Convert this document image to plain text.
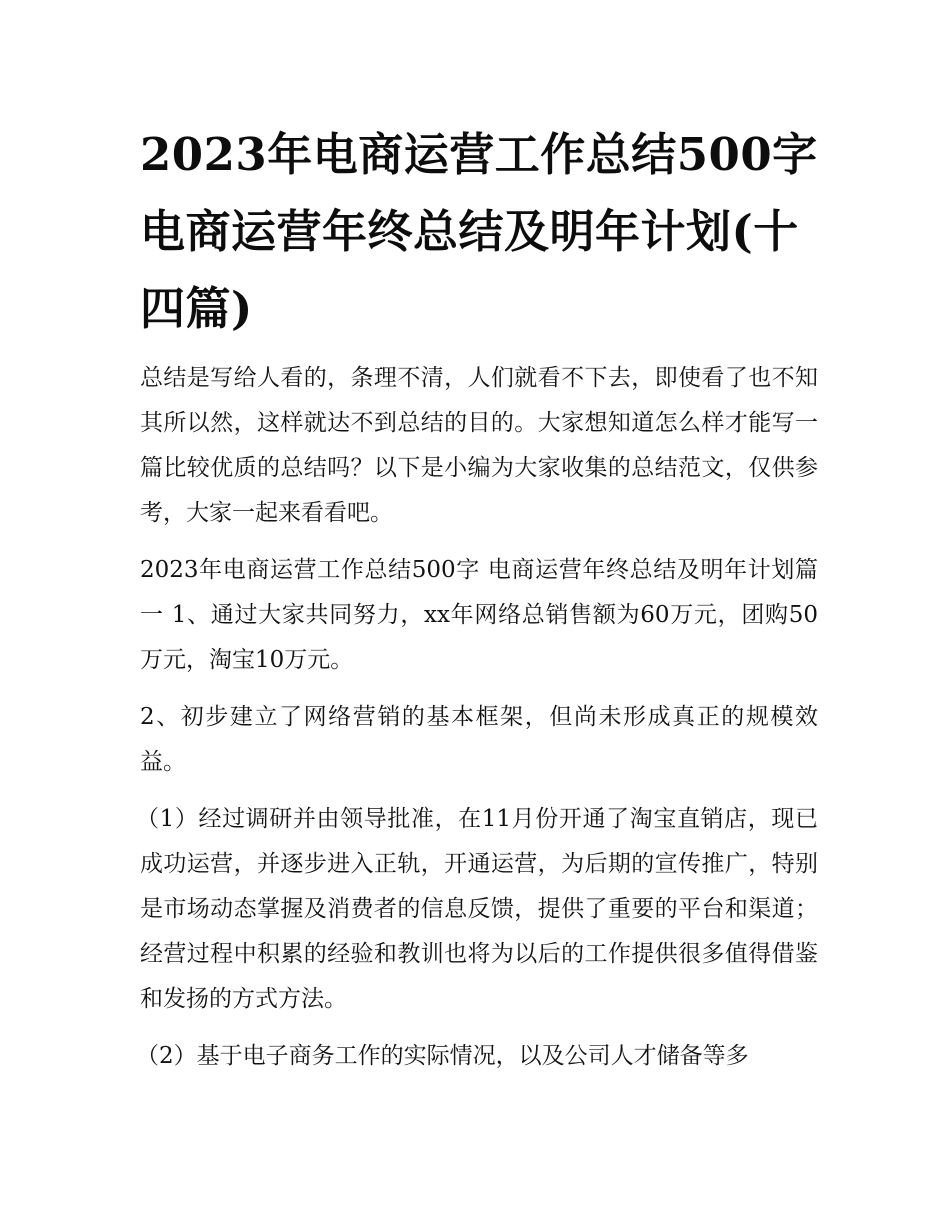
2023年电商运营工作总结500字 电商运营年终总结及明年计划(十四篇)

总结是写给人看的，条理不清，人们就看不下去，即使看了也不知其所以然，这样就达不到总结的目的。大家想知道怎么样才能写一篇比较优质的总结吗？以下是小编为大家收集的总结范文，仅供参考，大家一起来看看吧。

2023年电商运营工作总结500字 电商运营年终总结及明年计划篇一 1、通过大家共同努力，xx年网络总销售额为60万元，团购50万元，淘宝10万元。

2、初步建立了网络营销的基本框架，但尚未形成真正的规模效益。

（1）经过调研并由领导批准，在11月份开通了淘宝直销店，现已成功运营，并逐步进入正轨，开通运营，为后期的宣传推广，特别是市场动态掌握及消费者的信息反馈，提供了重要的平台和渠道；经营过程中积累的经验和教训也将为以后的工作提供很多值得借鉴和发扬的方式方法。

（2）基于电子商务工作的实际情况，以及公司人才储备等多
